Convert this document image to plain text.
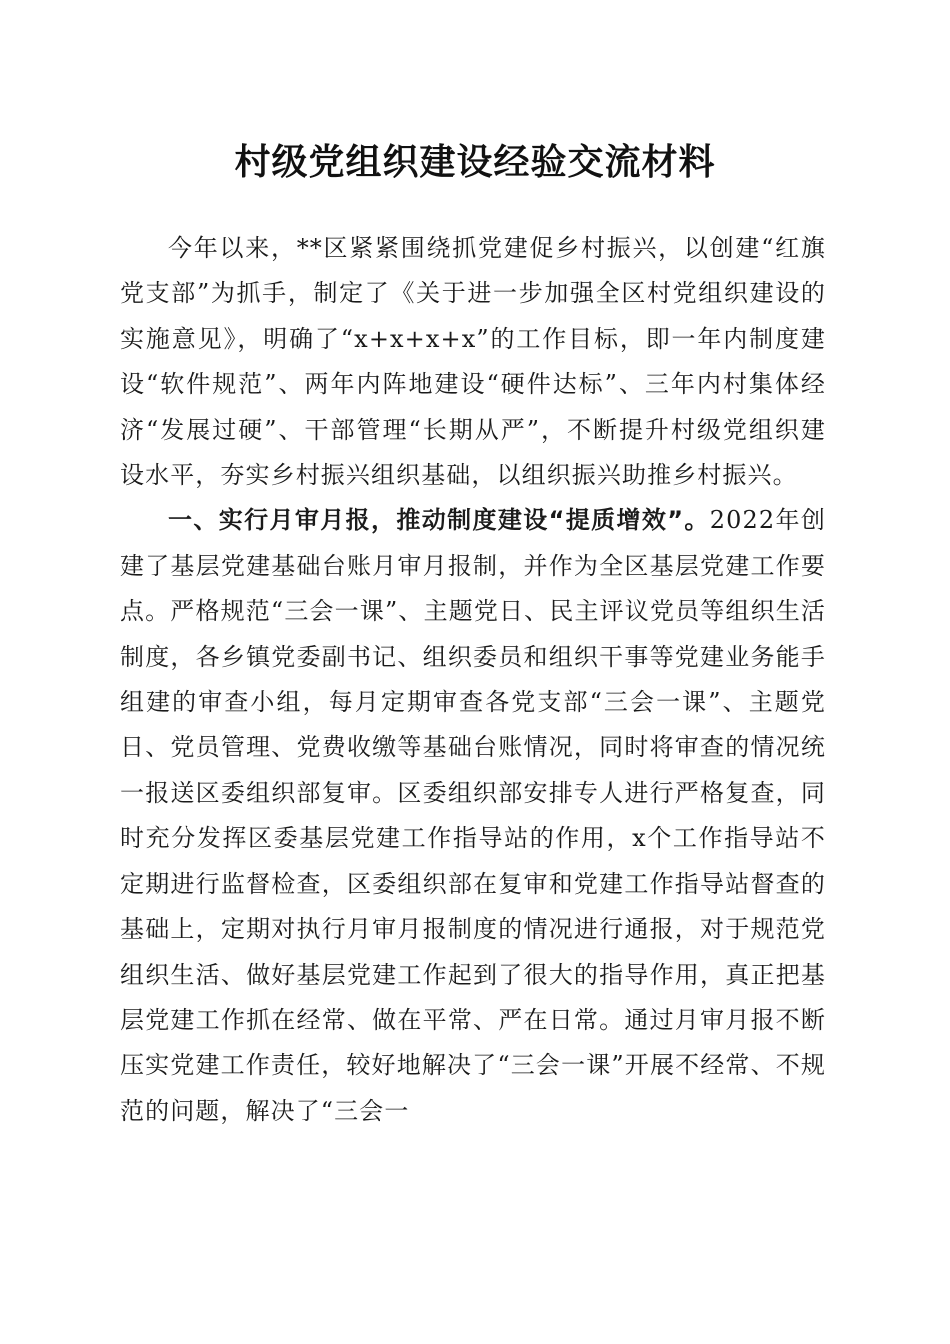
村级党组织建设经验交流材料

今年以来，**区紧紧围绕抓党建促乡村振兴，以创建“红旗党支部”为抓手，制定了《关于进一步加强全区村党组织建设的实施意见》，明确了“x+x+x+x”的工作目标，即一年内制度建设“软件规范”、两年内阵地建设“硬件达标”、三年内村集体经济“发展过硬”、干部管理“长期从严”，不断提升村级党组织建设水平，夯实乡村振兴组织基础，以组织振兴助推乡村振兴。

一、实行月审月报，推动制度建设“提质增效”。2022年创建了基层党建基础台账月审月报制，并作为全区基层党建工作要点。严格规范“三会一课”、主题党日、民主评议党员等组织生活制度，各乡镇党委副书记、组织委员和组织干事等党建业务能手组建的审查小组，每月定期审查各党支部“三会一课”、主题党日、党员管理、党费收缴等基础台账情况，同时将审查的情况统一报送区委组织部复审。区委组织部安排专人进行严格复查，同时充分发挥区委基层党建工作指导站的作用，x个工作指导站不定期进行监督检查，区委组织部在复审和党建工作指导站督查的基础上，定期对执行月审月报制度的情况进行通报，对于规范党组织生活、做好基层党建工作起到了很大的指导作用，真正把基层党建工作抓在经常、做在平常、严在日常。通过月审月报不断压实党建工作责任，较好地解决了“三会一课”开展不经常、不规范的问题，解决了“三会一
